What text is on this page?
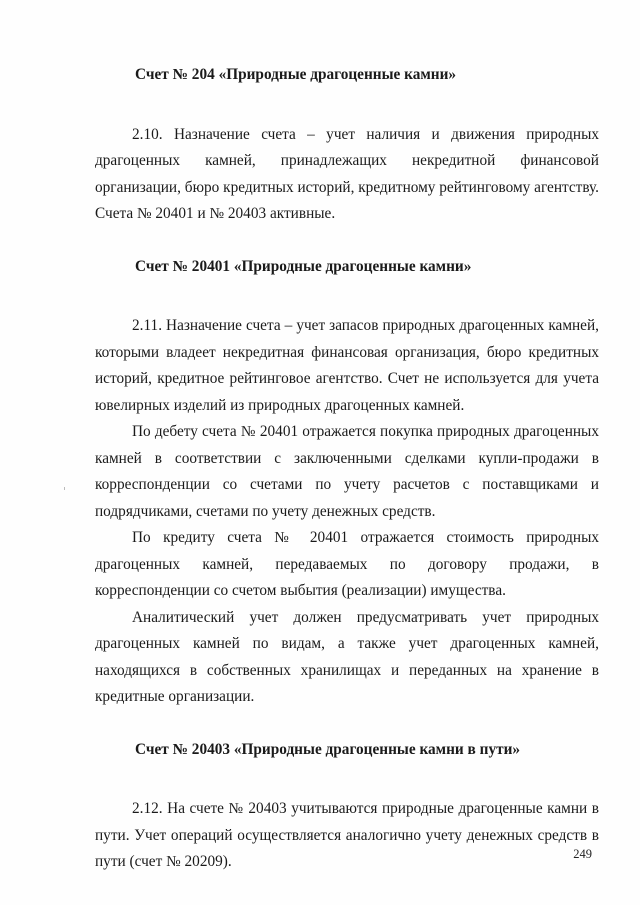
Счет № 204 «Природные драгоценные камни»

2.10. Назначение счета – учет наличия и движения природных драгоценных камней, принадлежащих некредитной финансовой организации, бюро кредитных историй, кредитному рейтинговому агентству. Счета № 20401 и № 20403 активные.

Счет № 20401 «Природные драгоценные камни»

2.11. Назначение счета – учет запасов природных драгоценных камней, которыми владеет некредитная финансовая организация, бюро кредитных историй, кредитное рейтинговое агентство. Счет не используется для учета ювелирных изделий из природных драгоценных камней.

По дебету счета № 20401 отражается покупка природных драгоценных камней в соответствии с заключенными сделками купли-продажи в корреспонденции со счетами по учету расчетов с поставщиками и подрядчиками, счетами по учету денежных средств.

По кредиту счета № 20401 отражается стоимость природных драгоценных камней, передаваемых по договору продажи, в корреспонденции со счетом выбытия (реализации) имущества.

Аналитический учет должен предусматривать учет природных драгоценных камней по видам, а также учет драгоценных камней, находящихся в собственных хранилищах и переданных на хранение в кредитные организации.

Счет № 20403 «Природные драгоценные камни в пути»

2.12. На счете № 20403 учитываются природные драгоценные камни в пути. Учет операций осуществляется аналогично учету денежных средств в пути (счет № 20209).	249
